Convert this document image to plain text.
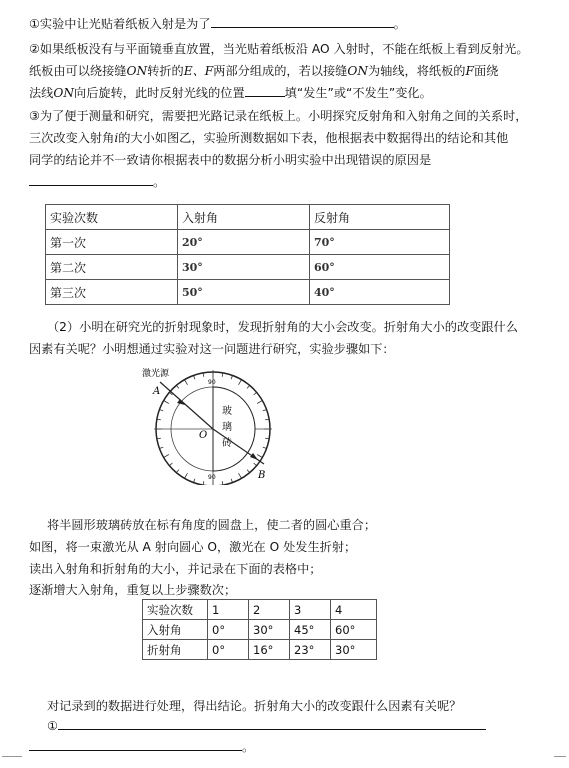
①实验中让光贴着纸板入射是为了	。
②如果纸板没有与平面镜垂直放置，当光贴着纸板沿 AO 入射时，不能在纸板上看到反射光。
纸板由可以绕接缝ON转折的E、F两部分组成的，若以接缝ON为轴线，将纸板的F面绕
法线ON向后旋转，此时反射光线的位置	填“发生”或“不发生”变化。
③为了便于测量和研究，需要把光路记录在纸板上。小明探究反射角和入射角之间的关系时，
三次改变入射角i的大小如图乙，实验所测数据如下表，他根据表中数据得出的结论和其他
同学的结论并不一致请你根据表中的数据分析小明实验中出现错误的原因是
。
实验次数	入射角	反射角
第一次	20°	70°
第二次	30°	60°
第三次	50°	40°
（2）小明在研究光的折射现象时，发现折射角的大小会改变。折射角大小的改变跟什么
因素有关呢？小明想通过实验对这一问题进行研究，实验步骤如下：
激光源
A
O
B
玻
璃
砖
90
90
将半圆形玻璃砖放在标有角度的圆盘上，使二者的圆心重合；
如图，将一束激光从 A 射向圆心 O，激光在 O 处发生折射；
读出入射角和折射角的大小，并记录在下面的表格中；
逐渐增大入射角，重复以上步骤数次；
实验次数	1	2	3	4
入射角	0°	30°	45°	60°
折射角	0°	16°	23°	30°
对记录到的数据进行处理，得出结论。折射角大小的改变跟什么因素有关呢？
①
。
